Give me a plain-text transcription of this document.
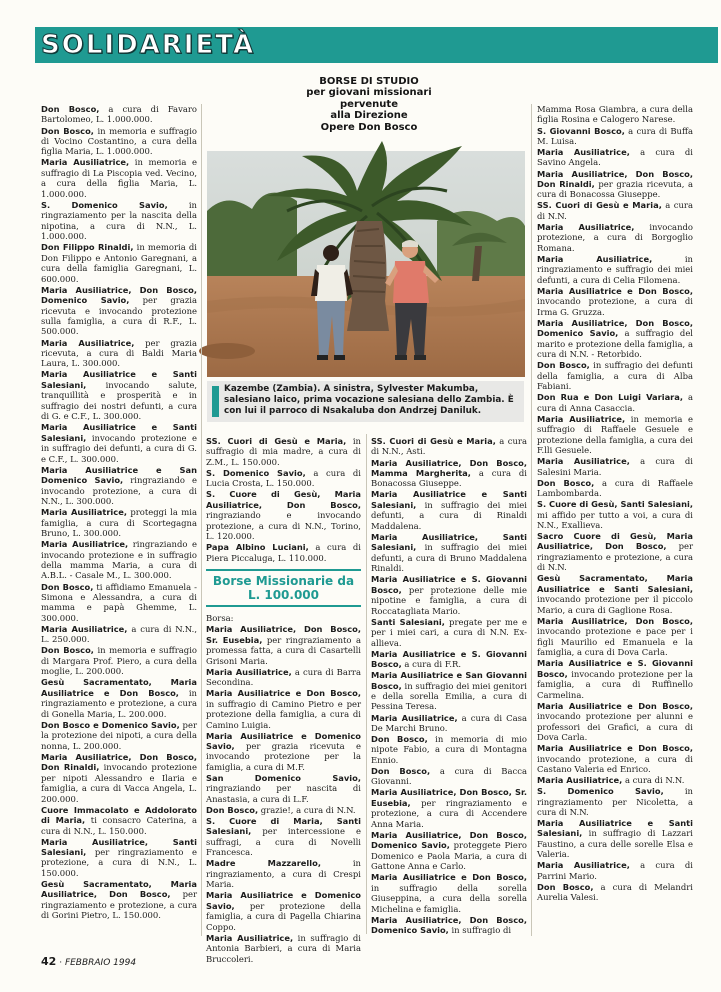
SOLIDARIETÀ
BORSE DI STUDIO
per giovani missionari
pervenute
alla Direzione
Opere Don Bosco
Kazembe (Zambia). A sinistra, Sylvester Makumba, salesiano laico, prima vocazione salesiana dello Zambia. È con lui il parroco di Nsakaluba don Andrzej Daniluk.

Don Bosco, a cura di Favaro Bartolomeo, L. 1.000.000.

Don Bosco, in memoria e suffragio di Vocino Costantino, a cura della figlia Maria, L. 1.000.000.

Maria Ausiliatrice, in memoria e suffragio di La Piscopia ved. Vecino, a cura della figlia Maria, L. 1.000.000.

S. Domenico Savio, in ringraziamento per la nascita della nipotina, a cura di N.N., L. 1.000.000.

Don Filippo Rinaldi, in memoria di Don Filippo e Antonio Garegnani, a cura della famiglia Garegnani, L. 600.000.

Maria Ausiliatrice, Don Bosco, Domenico Savio, per grazia ricevuta e invocando protezione sulla famiglia, a cura di R.F., L. 500.000.

Maria Ausiliatrice, per grazia ricevuta, a cura di Baldi Maria Laura, L. 300.000.

Maria Ausiliatrice e Santi Salesiani, invocando salute, tranquillità e prosperità e in suffragio dei nostri defunti, a cura di G. e C.F., L. 300.000.

Maria Ausiliatrice e Santi Salesiani, invocando protezione e in suffragio dei defunti, a cura di G. e C.F., L. 300.000.

Maria Ausiliatrice e San Domenico Savio, ringraziando e invocando protezione, a cura di N.N., L. 300.000.

Maria Ausiliatrice, proteggi la mia famiglia, a cura di Scortegagna Bruno, L. 300.000.

Maria Ausiliatrice, ringraziando e invocando protezione e in suffragio della mamma Maria, a cura di A.B.L. - Casale M., L. 300.000.

Don Bosco, ti affidiamo Emanuela - Simona e Alessandra, a cura di mamma e papà Ghemme, L. 300.000.

Maria Ausiliatrice, a cura di N.N., L. 250.000.

Don Bosco, in memoria e suffragio di Margara Prof. Piero, a cura della moglie, L. 200.000.

Gesù Sacramentato, Maria Ausiliatrice e Don Bosco, in ringraziamento e protezione, a cura di Gonella Maria, L. 200.000.

Don Bosco e Domenico Savio, per la protezione dei nipoti, a cura della nonna, L. 200.000.

Maria Ausiliatrice, Don Bosco, Don Rinaldi, invocando protezione per nipoti Alessandro e Ilaria e famiglia, a cura di Vacca Angela, L. 200.000.

Cuore Immacolato e Addolorato di Maria, ti consacro Caterina, a cura di N.N., L. 150.000.

Maria Ausiliatrice, Santi Salesiani, per ringraziamento e protezione, a cura di N.N., L. 150.000.

Gesù Sacramentato, Maria Ausiliatrice, Don Bosco, per ringraziamento e protezione, a cura di Gorini Pietro, L. 150.000.

SS. Cuori di Gesù e Maria, in suffragio di mia madre, a cura di Z.M., L. 150.000.

S. Domenico Savio, a cura di Lucia Crosta, L. 150.000.

S. Cuore di Gesù, Maria Ausiliatrice, Don Bosco, ringraziando e invocando protezione, a cura di N.N., Torino, L. 120.000.

Papa Albino Luciani, a cura di Piera Piccaluga, L. 110.000.

Borse Missionarie da L. 100.000

Borsa:

Maria Ausiliatrice, Don Bosco, Sr. Eusebia, per ringraziamento a promessa fatta, a cura di Casartelli Grisoni Maria.

Maria Ausiliatrice, a cura di Barra Secondina.

Maria Ausiliatrice e Don Bosco, in suffragio di Camino Pietro e per protezione della famiglia, a cura di Camino Luigia.

Maria Ausiliatrice e Domenico Savio, per grazia ricevuta e invocando protezione per la famiglia, a cura di M.F.

San Domenico Savio, ringraziando per nascita di Anastasia, a cura di L.F.

Don Bosco, grazie!, a cura di N.N.

S. Cuore di Maria, Santi Salesiani, per intercessione e suffragi, a cura di Novelli Francesca.

Madre Mazzarello, in ringraziamento, a cura di Crespi Maria.

Maria Ausiliatrice e Domenico Savio, per protezione della famiglia, a cura di Pagella Chiarina Coppo.

Maria Ausiliatrice, in suffragio di Antonia Barbieri, a cura di Maria Bruccoleri.

SS. Cuori di Gesù e Maria, a cura di N.N., Asti.

Maria Ausiliatrice, Don Bosco, Mamma Margherita, a cura di Bonacossa Giuseppe.

Maria Ausiliatrice e Santi Salesiani, in suffragio dei miei defunti, a cura di Rinaldi Maddalena.

Maria Ausiliatrice, Santi Salesiani, in suffragio dei miei defunti, a cura di Bruno Maddalena Rinaldi.

Maria Ausiliatrice e S. Giovanni Bosco, per protezione delle mie nipotine e famiglia, a cura di Roccatagliata Mario.

Santi Salesiani, pregate per me e per i miei cari, a cura di N.N. Ex-allieva.

Maria Ausiliatrice e S. Giovanni Bosco, a cura di F.R.

Maria Ausiliatrice e San Giovanni Bosco, in suffragio dei miei genitori e della sorella Emilia, a cura di Pessina Teresa.

Maria Ausiliatrice, a cura di Casa De Marchi Bruno.

Don Bosco, in memoria di mio nipote Fabio, a cura di Montagna Ennio.

Don Bosco, a cura di Bacca Giovanni.

Maria Ausiliatrice, Don Bosco, Sr. Eusebia, per ringraziamento e protezione, a cura di Accendere Anna Maria.

Maria Ausiliatrice, Don Bosco, Domenico Savio, proteggete Piero Domenico e Paola Maria, a cura di Gattone Anna e Carlo.

Maria Ausiliatrice e Don Bosco, in suffragio della sorella Giuseppina, a cura della sorella Michelina e famiglia.

Maria Ausiliatrice, Don Bosco, Domenico Savio, in suffragio di

Mamma Rosa Giambra, a cura della figlia Rosina e Calogero Narese.

S. Giovanni Bosco, a cura di Buffa M. Luisa.

Maria Ausiliatrice, a cura di Savino Angela.

Maria Ausiliatrice, Don Bosco, Don Rinaldi, per grazia ricevuta, a cura di Bonacossa Giuseppe.

SS. Cuori di Gesù e Maria, a cura di N.N.

Maria Ausiliatrice, invocando protezione, a cura di Borgoglio Romana.

Maria Ausiliatrice, in ringraziamento e suffragio dei miei defunti, a cura di Celia Filomena.

Maria Ausiliatrice e Don Bosco, invocando protezione, a cura di Irma G. Gruzza.

Maria Ausiliatrice, Don Bosco, Domenico Savio, a suffragio del marito e protezione della famiglia, a cura di N.N. - Retorbido.

Don Bosco, in suffragio dei defunti della famiglia, a cura di Alba Fabiani.

Don Rua e Don Luigi Variara, a cura di Anna Casaccia.

Maria Ausiliatrice, in memoria e suffragio di Raffaele Gesuele e protezione della famiglia, a cura dei F.lli Gesuele.

Maria Ausiliatrice, a cura di Salesini Maria.

Don Bosco, a cura di Raffaele Lambombarda.

S. Cuore di Gesù, Santi Salesiani, mi affido per tutto a voi, a cura di N.N., Exallieva.

Sacro Cuore di Gesù, Maria Ausiliatrice, Don Bosco, per ringraziamento e protezione, a cura di N.N.

Gesù Sacramentato, Maria Ausiliatrice e Santi Salesiani, invocando protezione per il piccolo Mario, a cura di Gaglione Rosa.

Maria Ausiliatrice, Don Bosco, invocando protezione e pace per i figli Maurilio ed Emanuela e la famiglia, a cura di Dova Carla.

Maria Ausiliatrice e S. Giovanni Bosco, invocando protezione per la famiglia, a cura di Ruffinello Carmelina.

Maria Ausiliatrice e Don Bosco, invocando protezione per alunni e professori dei Grafici, a cura di Dova Carla.

Maria Ausiliatrice e Don Bosco, invocando protezione, a cura di Castano Valeria ed Enrico.

Maria Ausiliatrice, a cura di N.N.

S. Domenico Savio, in ringraziamento per Nicoletta, a cura di N.N.

Maria Ausiliatrice e Santi Salesiani, in suffragio di Lazzari Faustino, a cura delle sorelle Elsa e Valeria.

Maria Ausiliatrice, a cura di Parrini Mario.

Don Bosco, a cura di Melandri Aurelia Valesi.

42 · FEBBRAIO 1994
